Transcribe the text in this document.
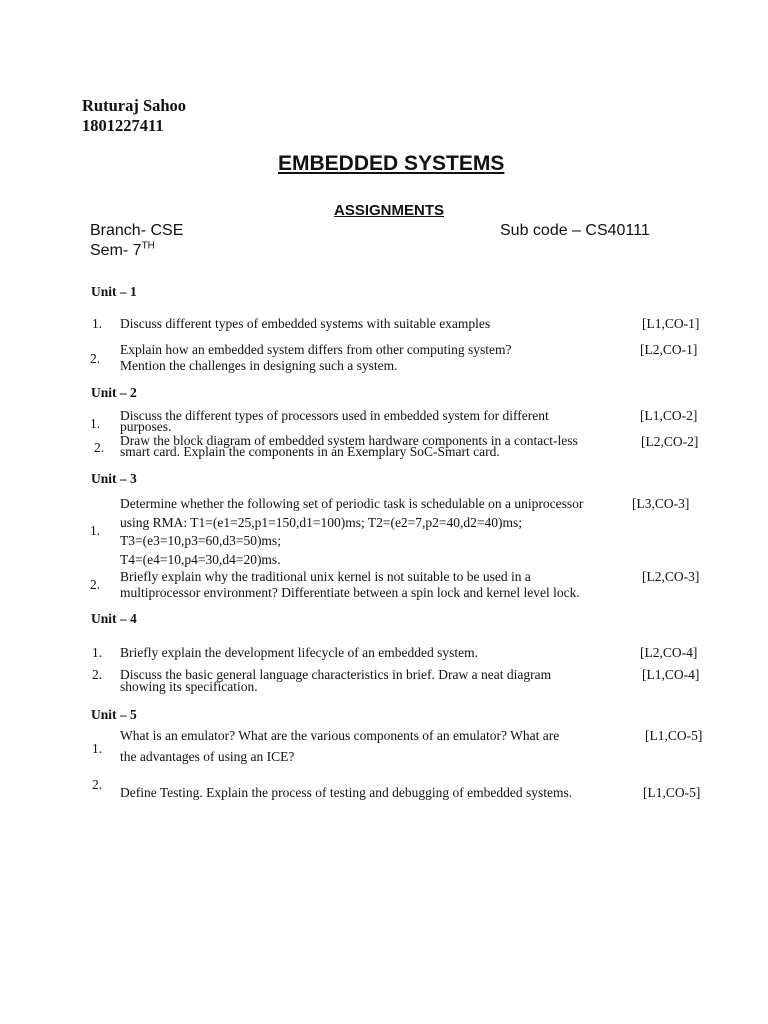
Ruturaj Sahoo
1801227411
EMBEDDED SYSTEMS
ASSIGNMENTS
Branch- CSE	Sub code – CS40111
Sem- 7TH
Unit – 1
1. Discuss different types of embedded systems with suitable examples	[L1,CO-1]
2.
Explain how an embedded system differs from other computing system?
Mention the challenges in designing such a system.
[L2,CO-1]
Unit – 2
1.
Discuss the different types of processors used in embedded system for different
purposes.
[L1,CO-2]
2. Draw the block diagram of embedded system hardware components in a contact-less
smart card. Explain the components in an Exemplary SoC-Smart card.
[L2,CO-2]
Unit – 3
1.
Determine whether the following set of periodic task is schedulable on a uniprocessor
using RMA: T1=(e1=25,p1=150,d1=100)ms; T2=(e2=7,p2=40,d2=40)ms;
T3=(e3=10,p3=60,d3=50)ms;
T4=(e4=10,p4=30,d4=20)ms.
[L3,CO-3]
2.
Briefly explain why the traditional unix kernel is not suitable to be used in a
multiprocessor environment? Differentiate between a spin lock and kernel level lock.
[L2,CO-3]
Unit – 4
1. Briefly explain the development lifecycle of an embedded system.	[L2,CO-4]
2. Discuss the basic general language characteristics in brief. Draw a neat diagram
showing its specification.
[L1,CO-4]
Unit – 5
1.
What is an emulator? What are the various components of an emulator? What are
the advantages of using an ICE?
[L1,CO-5]
2.
Define Testing. Explain the process of testing and debugging of embedded systems.	[L1,CO-5]
